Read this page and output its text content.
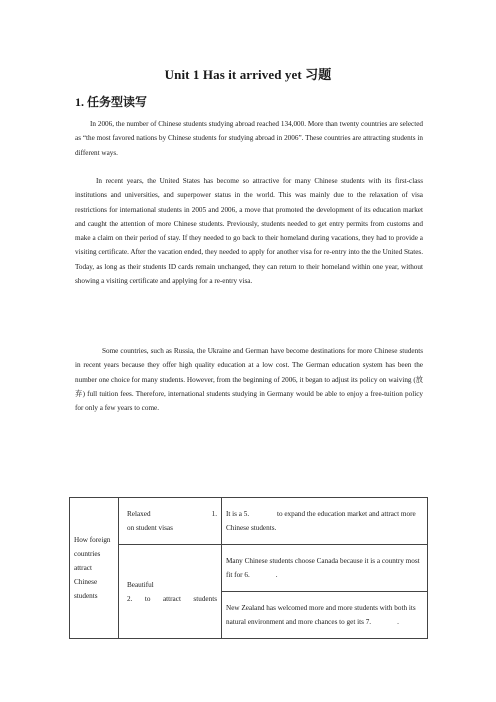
Unit 1 Has it arrived yet 习题
1. 任务型读写

In 2006, the number of Chinese students studying abroad reached 134,000. More than twenty countries are selected as “the most favored nations by Chinese students for studying abroad in 2006”. These countries are attracting students in different ways.

In recent years, the United States has become so attractive for many Chinese students with its first-class institutions and universities, and superpower status in the world. This was mainly due to the relaxation of visa restrictions for international students in 2005 and 2006, a move that promoted the development of its education market and caught the attention of more Chinese students. Previously, students needed to get entry permits from customs and make a claim on their period of stay. If they needed to go back to their homeland during vacations, they had to provide a visiting certificate. After the vacation ended, they needed to apply for another visa for re-entry into the the United States. Today, as long as their students ID cards remain unchanged, they can return to their homeland within one year, without showing a visiting certificate and applying for a re-entry visa.

Some countries, such as Russia, the Ukraine and German have become destinations for more Chinese students in recent years because they offer high quality education at a low cost. The German education system has been the number one choice for many students. However, from the beginning of 2006, it began to adjust its policy on waiving (放弃) full tuition fees. Therefore, international students studying in Germany would be able to enjoy a free-tuition policy for only a few years to come.

How foreign countries attract Chinese students	Relaxed 1.
on student visas	It is a 5. to expand the education market and attract more Chinese students.

	Beautiful
2. to attract students	Many Chinese students choose Canada because it is a country most fit for 6. .
		New Zealand has welcomed more and more students with both its natural environment and more chances to get its 7. .
